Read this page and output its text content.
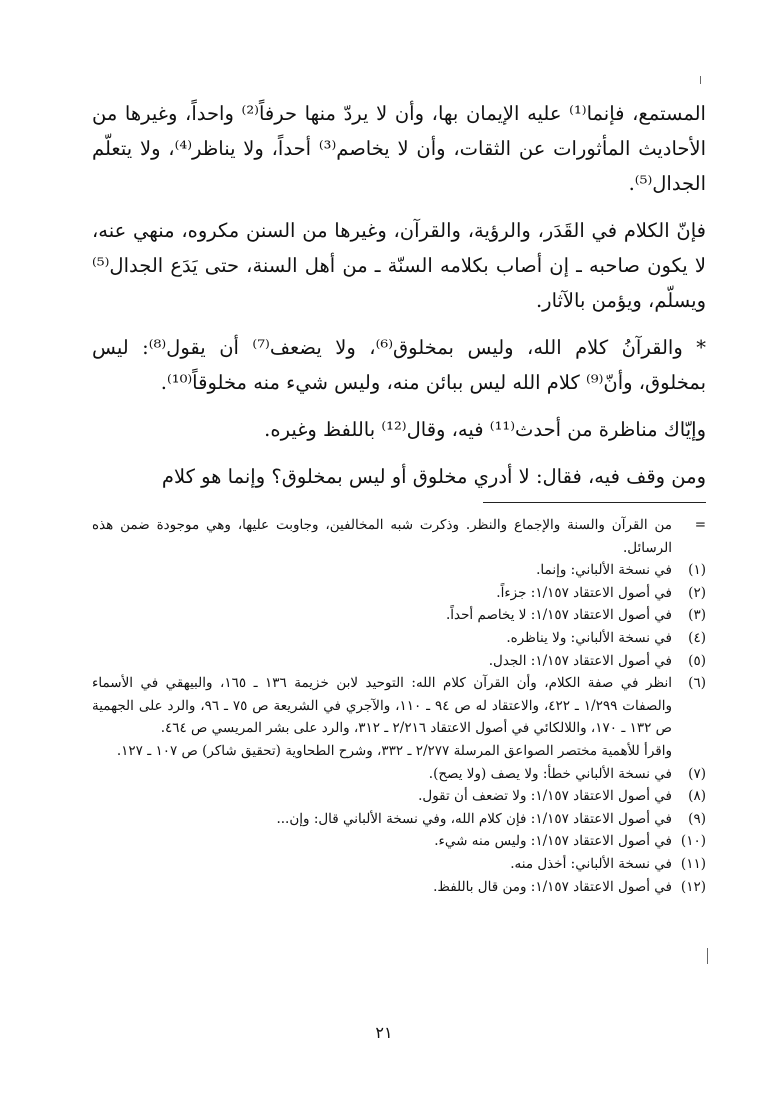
المستمع، فإنما⁽¹⁾ عليه الإيمان بها، وأن لا يردّ منها حرفاً⁽²⁾ واحداً، وغيرها من الأحاديث المأثورات عن الثقات، وأن لا يخاصم⁽³⁾ أحداً، ولا يناظر⁽⁴⁾، ولا يتعلّم الجدال⁽⁵⁾.

فإنّ الكلام في القَدَر، والرؤية، والقرآن، وغيرها من السنن مكروه، منهي عنه، لا يكون صاحبه ـ إن أصاب بكلامه السنّة ـ من أهل السنة، حتى يَدَع الجدال⁽⁵⁾ ويسلّم، ويؤمن بالآثار.

* والقرآنُ كلام الله، وليس بمخلوق⁽⁶⁾، ولا يضعف⁽⁷⁾ أن يقول⁽⁸⁾: ليس بمخلوق، وأنّ⁽⁹⁾ كلام الله ليس ببائن منه، وليس شيء منه مخلوقاً⁽¹⁰⁾.

وإيّاك مناظرة من أحدث⁽¹¹⁾ فيه، وقال⁽¹²⁾ باللفظ وغيره.

ومن وقف فيه، فقال: لا أدري مخلوق أو ليس بمخلوق؟ وإنما هو كلام

=
من القرآن والسنة والإجماع والنظر. وذكرت شبه المخالفين، وجاوبت عليها، وهي موجودة ضمن هذه الرسائل.
(١)
في نسخة الألباني: وإنما.
(٢)
في أصول الاعتقاد ١/١٥٧: جزءاً.
(٣)
في أصول الاعتقاد ١/١٥٧: لا يخاصم أحداً.
(٤)
في نسخة الألباني: ولا يناظره.
(٥)
في أصول الاعتقاد ١/١٥٧: الجدل.
(٦)
انظر في صفة الكلام، وأن القرآن كلام الله: التوحيد لابن خزيمة ١٣٦ ـ ١٦٥، والبيهقي في الأسماء والصفات ١/٢٩٩ ـ ٤٢٢، والاعتقاد له ص ٩٤ ـ ١١٠، والآجري في الشريعة ص ٧٥ ـ ٩٦، والرد على الجهمية ص ١٣٢ ـ ١٧٠، واللالكائي في أصول الاعتقاد ٢/٢١٦ ـ ٣١٢، والرد على بشر المريسي ص ٤٦٤.
واقرأ للأهمية مختصر الصواعق المرسلة ٢/٢٧٧ ـ ٣٣٢، وشرح الطحاوية (تحقيق شاكر) ص ١٠٧ ـ ١٢٧.
(٧)
في نسخة الألباني خطأ: ولا يصف (ولا يصح).
(٨)
في أصول الاعتقاد ١/١٥٧: ولا تضعف أن تقول.
(٩)
في أصول الاعتقاد ١/١٥٧: فإن كلام الله، وفي نسخة الألباني قال: وإن...
(١٠)
في أصول الاعتقاد ١/١٥٧: وليس منه شيء.
(١١)
في نسخة الألباني: أخذل منه.
(١٢)
في أصول الاعتقاد ١/١٥٧: ومن قال باللفظ.
٢١
